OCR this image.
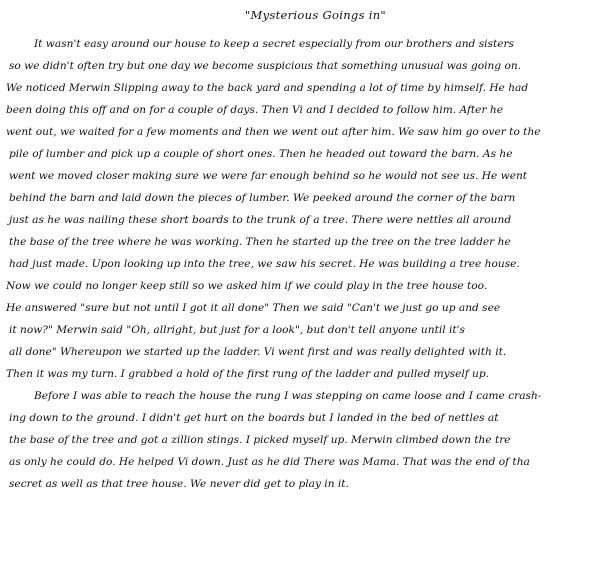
"Mysterious Goings in"
It wasn't easy around our house to keep a secret especially from our brothers and sisters
so we didn't often try but one day we become suspicious that something unusual was going on.
We noticed Merwin Slipping away to the back yard and spending a lot of time by himself. He had
been doing this off and on for a couple of days. Then Vi and I decided to follow him. After he
went out, we waited for a few moments and then we went out after him. We saw him go over to the
pile of lumber and pick up a couple of short ones. Then he headed out toward the barn. As he
went we moved closer making sure we were far enough behind so he would not see us. He went
behind the barn and laid down the pieces of lumber. We peeked around the corner of the barn
just as he was nailing these short boards to the trunk of a tree. There were nettles all around
the base of the tree where he was working. Then he started up the tree on the tree ladder he
had just made. Upon looking up into the tree, we saw his secret. He was building a tree house.
Now we could no longer keep still so we asked him if we could play in the tree house too.
He answered "sure but not until I got it all done" Then we said "Can't we just go up and see
it now?" Merwin said "Oh, allright, but just for a look", but don't tell anyone until it's
all done" Whereupon we started up the ladder. Vi went first and was really delighted with it.
Then it was my turn. I grabbed a hold of the first rung of the ladder and pulled myself up.
Before I was able to reach the house the rung I was stepping on came loose and I came crash-
ing down to the ground. I didn't get hurt on the boards but I landed in the bed of nettles at
the base of the tree and got a zillion stings. I picked myself up. Merwin climbed down the tre
as only he could do. He helped Vi down. Just as he did There was Mama. That was the end of tha
secret as well as that tree house. We never did get to play in it.
